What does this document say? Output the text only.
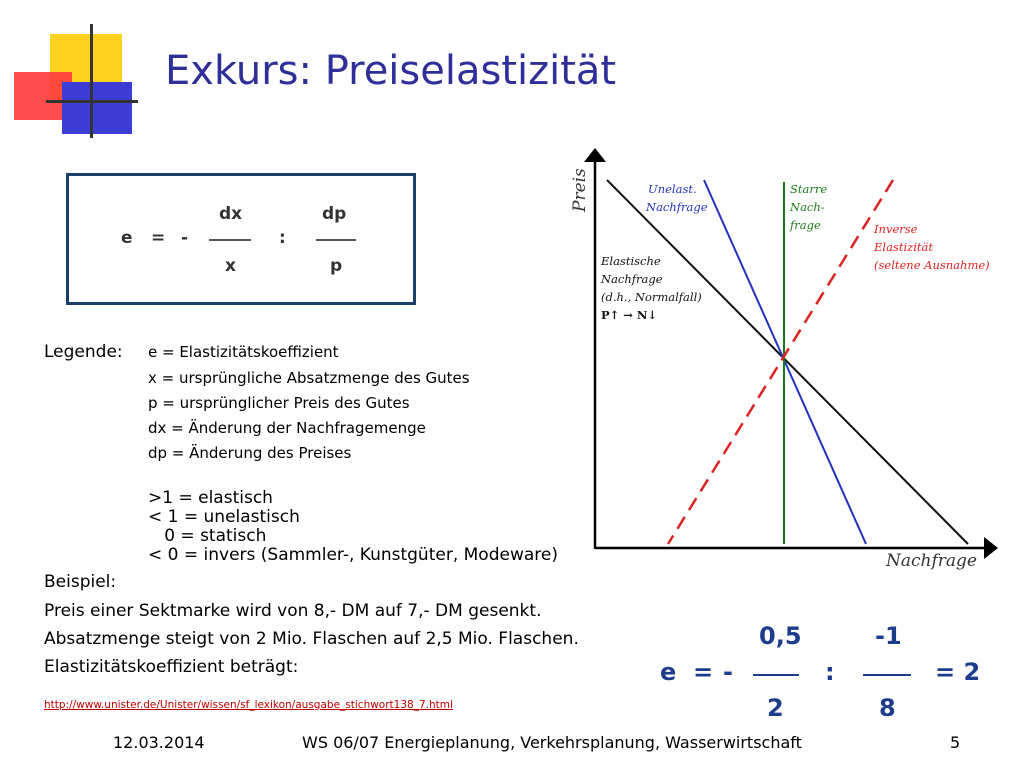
Exkurs: Preiselastizität
e = -
dx
x
:
dp
p
Legende: e = Elastizitätskoeffizient
x = ursprüngliche Absatzmenge des Gutes
p = ursprünglicher Preis des Gutes
dx = Änderung der Nachfragemenge
dp = Änderung des Preises
>1 = elastisch
< 1 = unelastisch
0 = statisch
< 0 = invers (Sammler-, Kunstgüter, Modeware)
Beispiel:
Preis einer Sektmarke wird von 8,- DM auf 7,- DM gesenkt.
Absatzmenge steigt von 2 Mio. Flaschen auf 2,5 Mio. Flaschen.
Elastizitätskoeffizient beträgt:
http://www.unister.de/Unister/wissen/sf_lexikon/ausgabe_stichwort138_7.html
e = -
0,5
2
:
-1
8
= 2
Preis
Nachfrage
Unelast.
Nachfrage
Starre
Nach-
frage	Inverse
Elastizität
(seltene Ausnahme)
Elastische
Nachfrage
(d.h., Normalfall)
P↑ → N↓
12.03.2014	WS 06/07 Energieplanung, Verkehrsplanung, Wasserwirtschaft	5
